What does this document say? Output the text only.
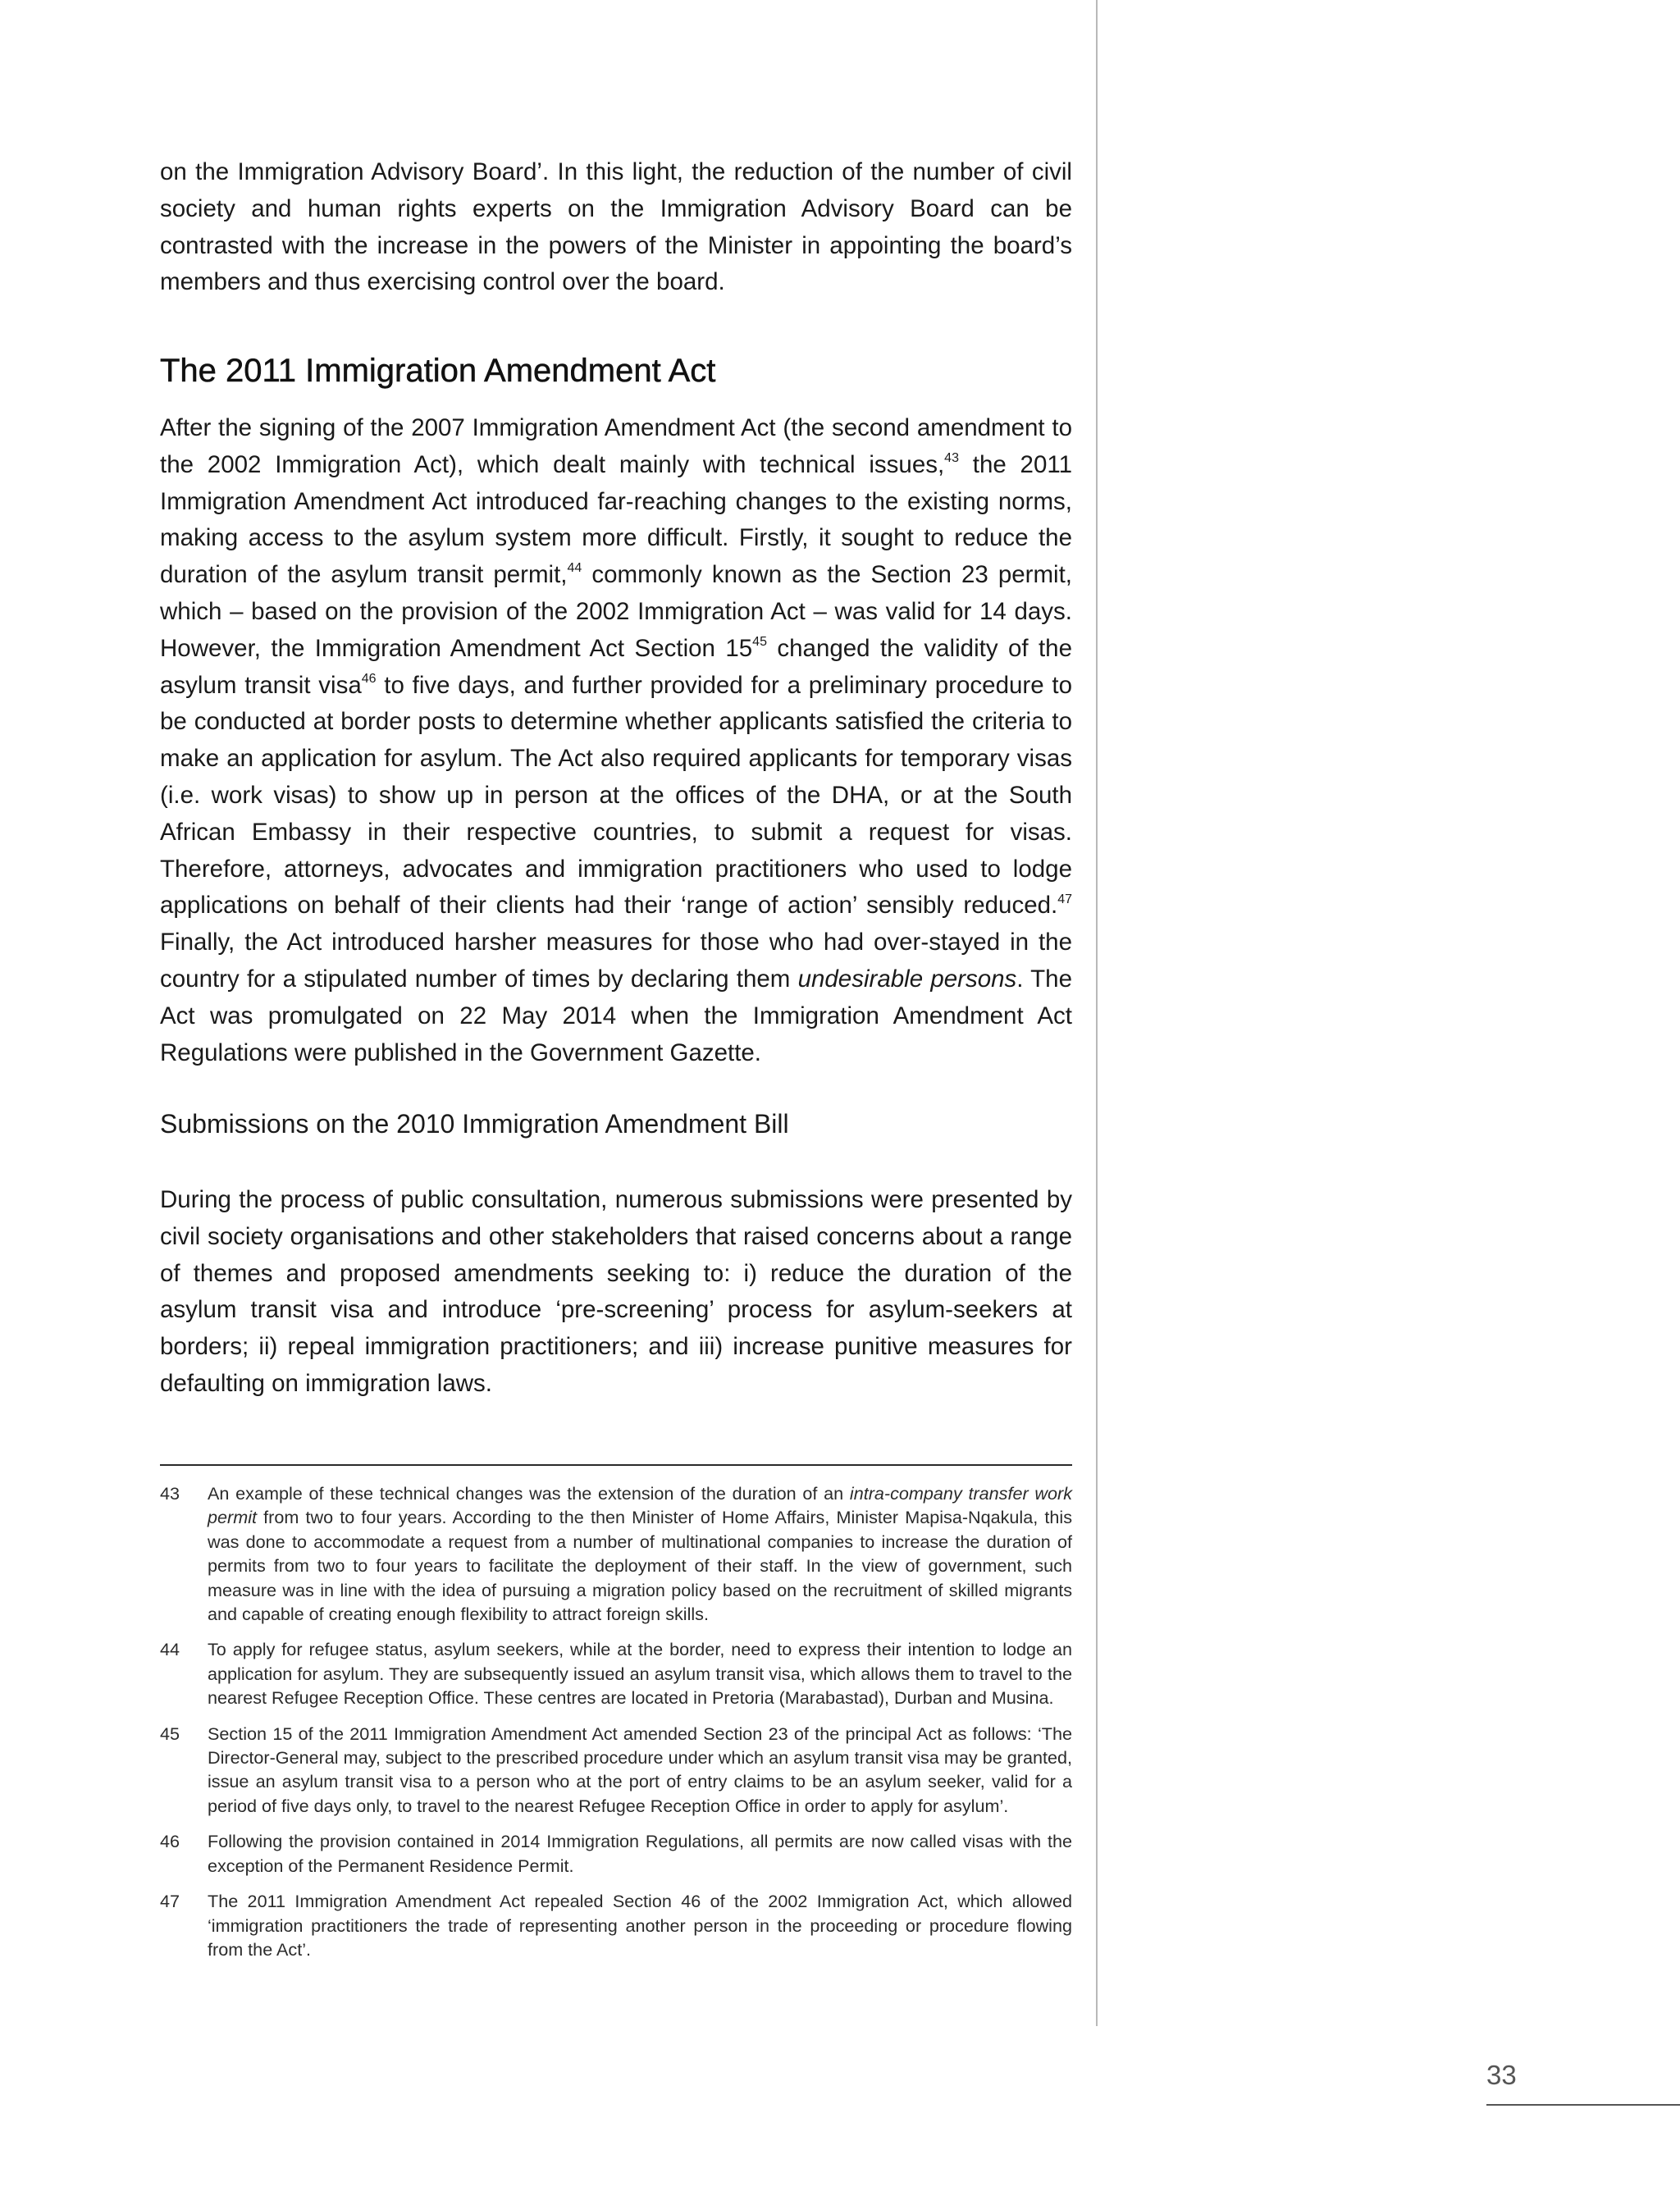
on the Immigration Advisory Board’. In this light, the reduction of the number of civil society and human rights experts on the Immigration Advisory Board can be contrasted with the increase in the powers of the Minister in appointing the board’s members and thus exercising control over the board.

The 2011 Immigration Amendment Act

After the signing of the 2007 Immigration Amendment Act (the second amendment to the 2002 Immigration Act), which dealt mainly with technical issues,$^{43}$ the 2011 Immigration Amendment Act introduced far-reaching changes to the existing norms, making access to the asylum system more difficult. Firstly, it sought to reduce the duration of the asylum transit permit,$^{44}$ commonly known as the Section 23 permit, which – based on the provision of the 2002 Immigration Act – was valid for 14 days. However, the Immigration Amendment Act Section $15^{45}$ changed the validity of the asylum transit visa$^{46}$ to five days, and further provided for a preliminary procedure to be conducted at border posts to determine whether applicants satisfied the criteria to make an application for asylum. The Act also required applicants for temporary visas (i.e. work visas) to show up in person at the offices of the DHA, or at the South African Embassy in their respective countries, to submit a request for visas. Therefore, attorneys, advocates and immigration practitioners who used to lodge applications on behalf of their clients had their ‘range of action’ sensibly reduced.$^{47}$ Finally, the Act introduced harsher measures for those who had over-stayed in the country for a stipulated number of times by declaring them undesirable persons. The Act was promulgated on 22 May 2014 when the Immigration Amendment Act Regulations were published in the Government Gazette.

Submissions on the 2010 Immigration Amendment Bill

During the process of public consultation, numerous submissions were presented by civil society organisations and other stakeholders that raised concerns about a range of themes and proposed amendments seeking to: i) reduce the duration of the asylum transit visa and introduce ‘pre-screening’ process for asylum-seekers at borders; ii) repeal immigration practitioners; and iii) increase punitive measures for defaulting on immigration laws.

43	An example of these technical changes was the extension of the duration of an intra-company transfer work permit from two to four years. According to the then Minister of Home Affairs, Minister Mapisa-Nqakula, this was done to accommodate a request from a number of multinational companies to increase the duration of permits from two to four years to facilitate the deployment of their staff. In the view of government, such measure was in line with the idea of pursuing a migration policy based on the recruitment of skilled migrants and capable of creating enough flexibility to attract foreign skills.
44	To apply for refugee status, asylum seekers, while at the border, need to express their intention to lodge an application for asylum. They are subsequently issued an asylum transit visa, which allows them to travel to the nearest Refugee Reception Office. These centres are located in Pretoria (Marabastad), Durban and Musina.
45	Section 15 of the 2011 Immigration Amendment Act amended Section 23 of the principal Act as follows: ‘The Director-General may, subject to the prescribed procedure under which an asylum transit visa may be granted, issue an asylum transit visa to a person who at the port of entry claims to be an asylum seeker, valid for a period of five days only, to travel to the nearest Refugee Reception Office in order to apply for asylum’.
46	Following the provision contained in 2014 Immigration Regulations, all permits are now called visas with the exception of the Permanent Residence Permit.
47	The 2011 Immigration Amendment Act repealed Section 46 of the 2002 Immigration Act, which allowed ‘immigration practitioners the trade of representing another person in the proceeding or procedure flowing from the Act’.
33
